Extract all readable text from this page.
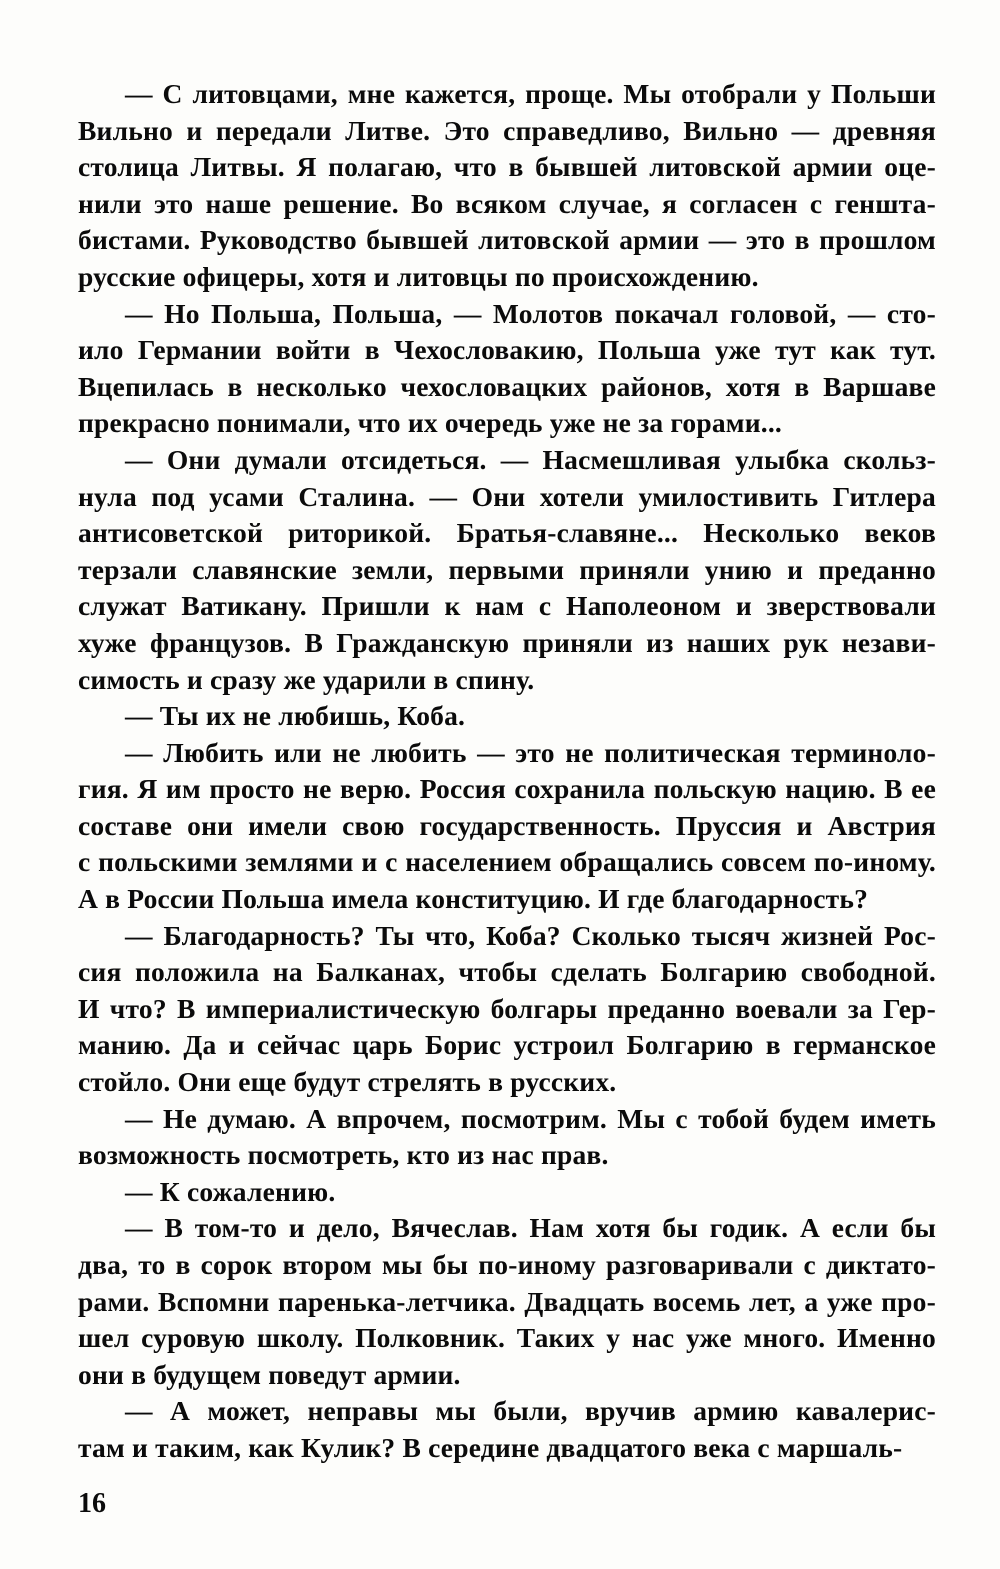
— С литовцами, мне кажется, проще. Мы отобрали у Польши
Вильно и передали Литве. Это справедливо, Вильно — древняя
столица Литвы. Я полагаю, что в бывшей литовской армии оце-
нили это наше решение. Во всяком случае, я согласен с геншта-
бистами. Руководство бывшей литовской армии — это в прошлом
русские офицеры, хотя и литовцы по происхождению.
— Но Польша, Польша, — Молотов покачал головой, — сто-
ило Германии войти в Чехословакию, Польша уже тут как тут.
Вцепилась в несколько чехословацких районов, хотя в Варшаве
прекрасно понимали, что их очередь уже не за горами...
— Они думали отсидеться. — Насмешливая улыбка скольз-
нула под усами Сталина. — Они хотели умилостивить Гитлера
антисоветской риторикой. Братья-славяне... Несколько веков
терзали славянские земли, первыми приняли унию и преданно
служат Ватикану. Пришли к нам с Наполеоном и зверствовали
хуже французов. В Гражданскую приняли из наших рук незави-
симость и сразу же ударили в спину.
— Ты их не любишь, Коба.
— Любить или не любить — это не политическая терминоло-
гия. Я им просто не верю. Россия сохранила польскую нацию. В ее
составе они имели свою государственность. Пруссия и Австрия
с польскими землями и с населением обращались совсем по-иному.
А в России Польша имела конституцию. И где благодарность?
— Благодарность? Ты что, Коба? Сколько тысяч жизней Рос-
сия положила на Балканах, чтобы сделать Болгарию свободной.
И что? В империалистическую болгары преданно воевали за Гер-
манию. Да и сейчас царь Борис устроил Болгарию в германское
стойло. Они еще будут стрелять в русских.
— Не думаю. А впрочем, посмотрим. Мы с тобой будем иметь
возможность посмотреть, кто из нас прав.
— К сожалению.
— В том-то и дело, Вячеслав. Нам хотя бы годик. А если бы
два, то в сорок втором мы бы по-иному разговаривали с диктато-
рами. Вспомни паренька-летчика. Двадцать восемь лет, а уже про-
шел суровую школу. Полковник. Таких у нас уже много. Именно
они в будущем поведут армии.
— А может, неправы мы были, вручив армию кавалерис-
там и таким, как Кулик? В середине двадцатого века с маршаль-
16
